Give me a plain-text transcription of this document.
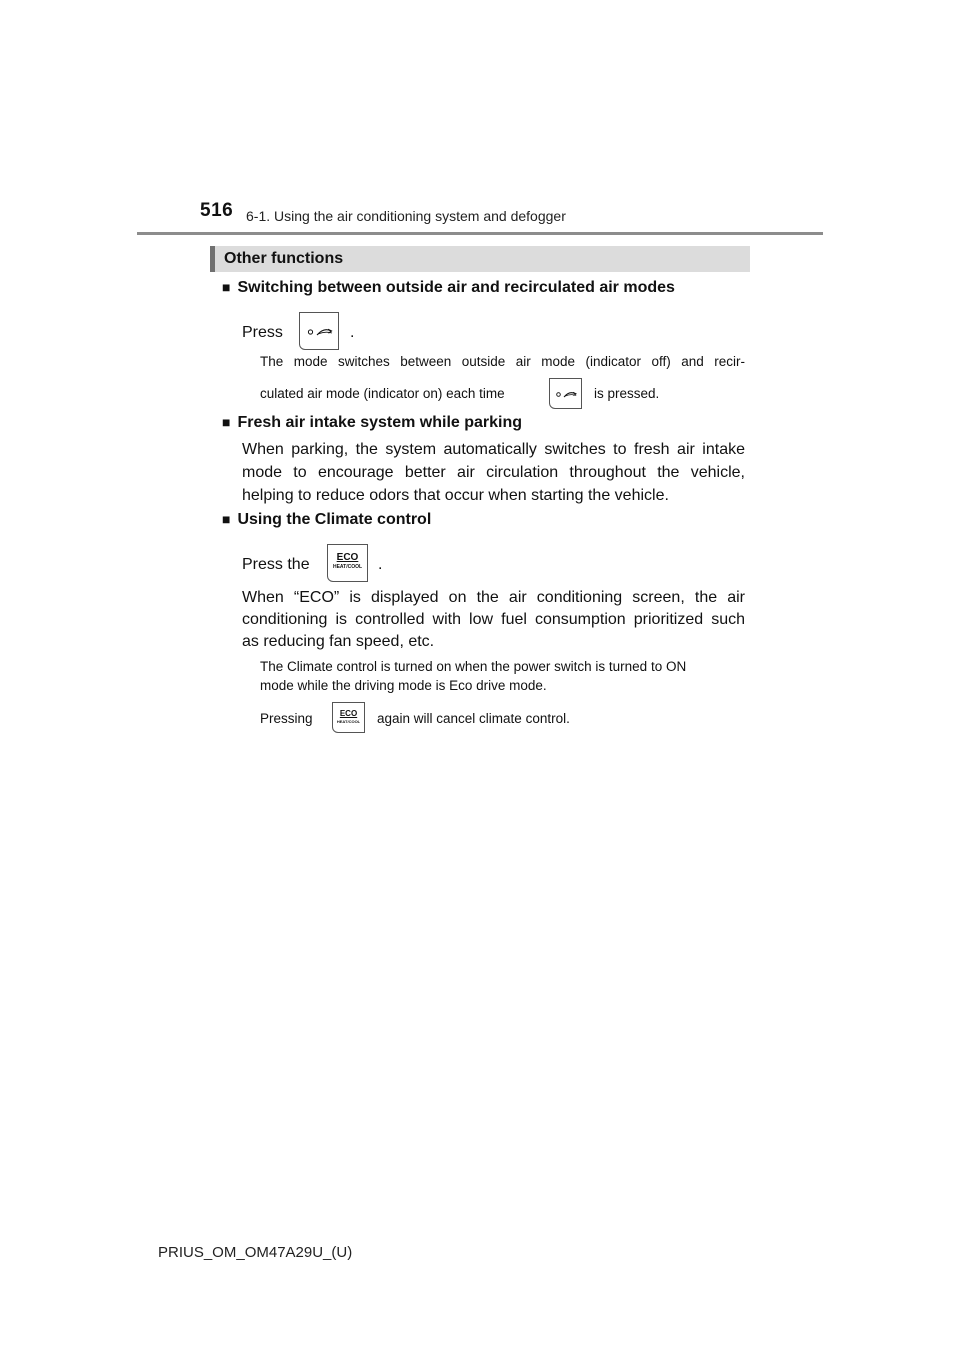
516 6-1. Using the air conditioning system and defogger
Other functions
■ Switching between outside air and recirculated air modes
Press	.
The mode switches between outside air mode (indicator off) and recir-
culated air mode (indicator on) each time	is pressed.
■ Fresh air intake system while parking
When parking, the system automatically switches to fresh air intake
mode to encourage better air circulation throughout the vehicle,
helping to reduce odors that occur when starting the vehicle.
■ Using the Climate control
Press the	ECO
HEAT/COOL .
When “ECO” is displayed on the air conditioning screen, the air
conditioning is controlled with low fuel consumption prioritized such
as reducing fan speed, etc.
The Climate control is turned on when the power switch is turned to ON
mode while the driving mode is Eco drive mode.
Pressing	ECO
HEAT/COOL again will cancel climate control.
PRIUS_OM_OM47A29U_(U)
